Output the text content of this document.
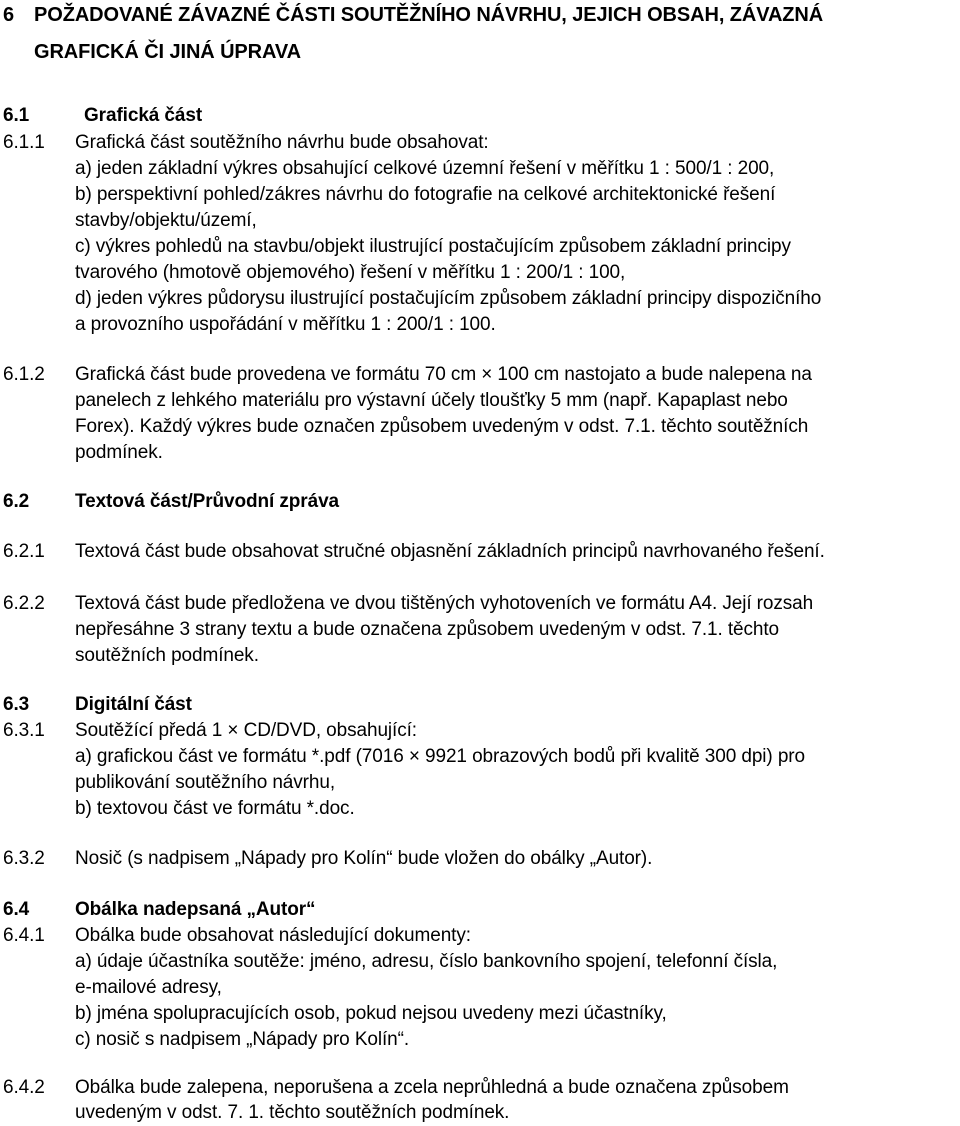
6 POŽADOVANÉ ZÁVAZNÉ ČÁSTI SOUTĚŽNÍHO NÁVRHU, JEJICH OBSAH, ZÁVAZNÁ
GRAFICKÁ ČI JINÁ ÚPRAVA
6.1	Grafická část
6.1.1 Grafická část soutěžního návrhu bude obsahovat:
a) jeden základní výkres obsahující celkové územní řešení v měřítku 1 : 500/1 : 200,
b) perspektivní pohled/zákres návrhu do fotografie na celkové architektonické řešení
stavby/objektu/území,
c) výkres pohledů na stavbu/objekt ilustrující postačujícím způsobem základní principy
tvarového (hmotově objemového) řešení v měřítku 1 : 200/1 : 100,
d) jeden výkres půdorysu ilustrující postačujícím způsobem základní principy dispozičního
a provozního uspořádání v měřítku 1 : 200/1 : 100.
6.1.2 Grafická část bude provedena ve formátu 70 cm × 100 cm nastojato a bude nalepena na
panelech z lehkého materiálu pro výstavní účely tloušťky 5 mm (např. Kapaplast nebo
Forex). Každý výkres bude označen způsobem uvedeným v odst. 7.1. těchto soutěžních
podmínek.
6.2 Textová část/Průvodní zpráva
6.2.1 Textová část bude obsahovat stručné objasnění základních principů navrhovaného řešení.
6.2.2 Textová část bude předložena ve dvou tištěných vyhotoveních ve formátu A4. Její rozsah
nepřesáhne 3 strany textu a bude označena způsobem uvedeným v odst. 7.1. těchto
soutěžních podmínek.
6.3 Digitální část
6.3.1 Soutěžící předá 1 × CD/DVD, obsahující:
a) grafickou část ve formátu *.pdf (7016 × 9921 obrazových bodů při kvalitě 300 dpi) pro
publikování soutěžního návrhu,
b) textovou část ve formátu *.doc.
6.3.2 Nosič (s nadpisem „Nápady pro Kolín“ bude vložen do obálky „Autor).
6.4 Obálka nadepsaná „Autor“
6.4.1 Obálka bude obsahovat následující dokumenty:
a) údaje účastníka soutěže: jméno, adresu, číslo bankovního spojení, telefonní čísla,
e-mailové adresy,
b) jména spolupracujících osob, pokud nejsou uvedeny mezi účastníky,
c) nosič s nadpisem „Nápady pro Kolín“.
6.4.2 Obálka bude zalepena, neporušena a zcela neprůhledná a bude označena způsobem
uvedeným v odst. 7. 1. těchto soutěžních podmínek.
